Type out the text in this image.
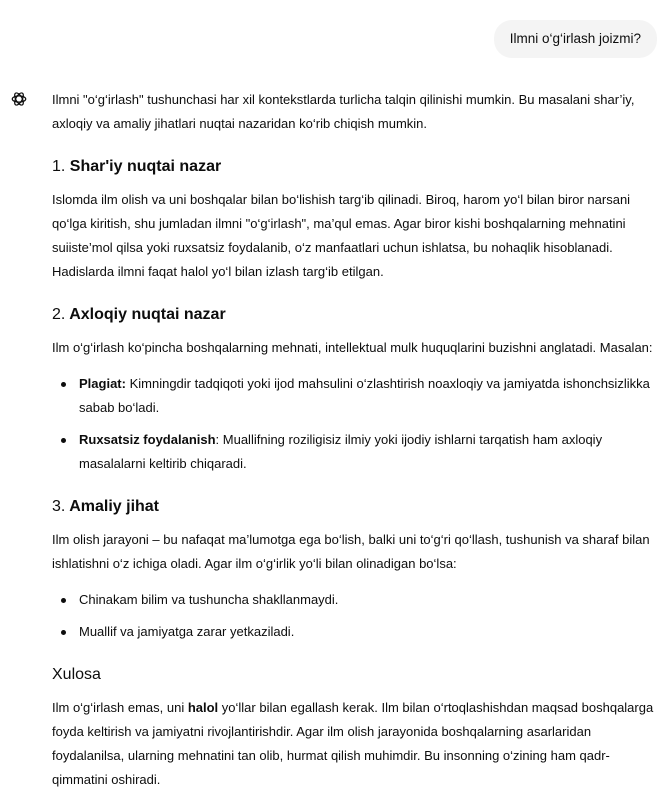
Ilmni o‘g‘irlash joizmi?

Ilmni "o‘g‘irlash" tushunchasi har xil kontekstlarda turlicha talqin qilinishi mumkin. Bu masalani shar’iy, axloqiy va amaliy jihatlari nuqtai nazaridan ko‘rib chiqish mumkin.

1. Shar'iy nuqtai nazar

Islomda ilm olish va uni boshqalar bilan bo‘lishish targ‘ib qilinadi. Biroq, harom yo‘l bilan biror narsani qo‘lga kiritish, shu jumladan ilmni "o‘g‘irlash", ma’qul emas. Agar biror kishi boshqalarning mehnatini suiiste’mol qilsa yoki ruxsatsiz foydalanib, o‘z manfaatlari uchun ishlatsa, bu nohaqlik hisoblanadi. Hadislarda ilmni faqat halol yo‘l bilan izlash targ‘ib etilgan.

2. Axloqiy nuqtai nazar

Ilm o‘g‘irlash ko‘pincha boshqalarning mehnati, intellektual mulk huquqlarini buzishni anglatadi. Masalan:

Plagiat: Kimningdir tadqiqoti yoki ijod mahsulini o‘zlashtirish noaxloqiy va jamiyatda ishonchsizlikka sabab bo‘ladi.
Ruxsatsiz foydalanish: Muallifning roziligisiz ilmiy yoki ijodiy ishlarni tarqatish ham axloqiy masalalarni keltirib chiqaradi.
3. Amaliy jihat

Ilm olish jarayoni – bu nafaqat ma’lumotga ega bo‘lish, balki uni to‘g‘ri qo‘llash, tushunish va sharaf bilan ishlatishni o‘z ichiga oladi. Agar ilm o‘g‘irlik yo‘li bilan olinadigan bo‘lsa:

Chinakam bilim va tushuncha shakllanmaydi.
Muallif va jamiyatga zarar yetkaziladi.
Xulosa

Ilm o‘g‘irlash emas, uni halol yo‘llar bilan egallash kerak. Ilm bilan o‘rtoqlashishdan maqsad boshqalarga foyda keltirish va jamiyatni rivojlantirishdir. Agar ilm olish jarayonida boshqalarning asarlaridan foydalanilsa, ularning mehnatini tan olib, hurmat qilish muhimdir. Bu insonning o‘zining ham qadr-qimmatini oshiradi.
